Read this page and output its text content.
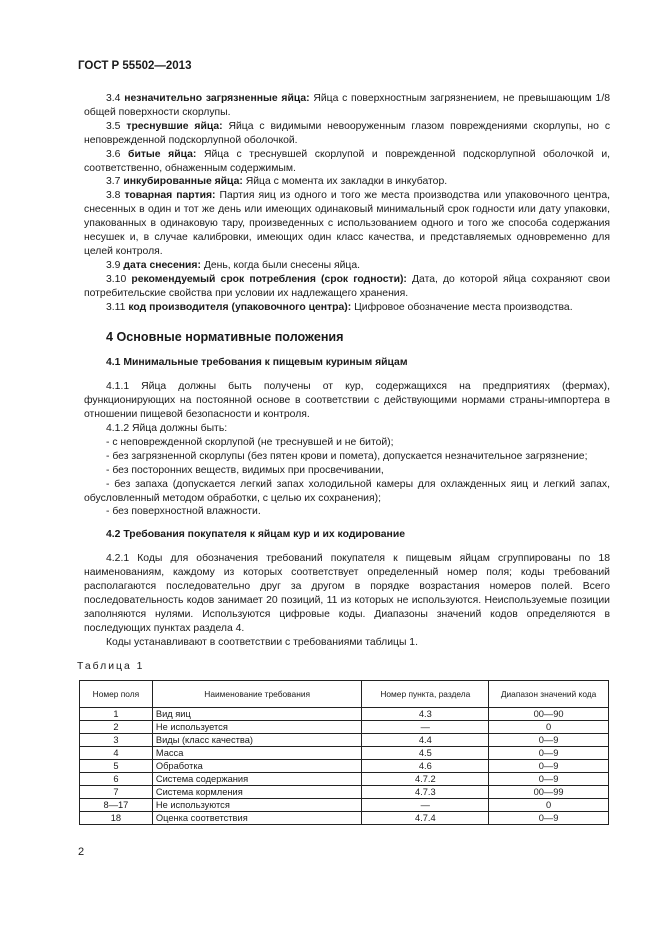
ГОСТ Р 55502—2013

3.4 незначительно загрязненные яйца: Яйца с поверхностным загрязнением, не превышающим 1/8 общей поверхности скорлупы.

3.5 треснувшие яйца: Яйца с видимыми невооруженным глазом повреждениями скорлупы, но с неповрежденной подскорлупной оболочкой.

3.6 битые яйца: Яйца с треснувшей скорлупой и поврежденной подскорлупной оболочкой и, соответственно, обнаженным содержимым.

3.7 инкубированные яйца: Яйца с момента их закладки в инкубатор.

3.8 товарная партия: Партия яиц из одного и того же места производства или упаковочного центра, снесенных в один и тот же день или имеющих одинаковый минимальный срок годности или дату упаковки, упакованных в одинаковую тару, произведенных с использованием одного и того же способа содержания несушек и, в случае калибровки, имеющих один класс качества, и представляемых одновременно для целей контроля.

3.9 дата снесения: День, когда были снесены яйца.

3.10 рекомендуемый срок потребления (срок годности): Дата, до которой яйца сохраняют свои потребительские свойства при условии их надлежащего хранения.

3.11 код производителя (упаковочного центра): Цифровое обозначение места производства.

4 Основные нормативные положения
4.1 Минимальные требования к пищевым куриным яйцам

4.1.1 Яйца должны быть получены от кур, содержащихся на предприятиях (фермах), функционирующих на постоянной основе в соответствии с действующими нормами страны-импортера в отношении пищевой безопасности и контроля.

4.1.2 Яйца должны быть:

- с неповрежденной скорлупой (не треснувшей и не битой);

- без загрязненной скорлупы (без пятен крови и помета), допускается незначительное загрязнение;

- без посторонних веществ, видимых при просвечивании,

- без запаха (допускается легкий запах холодильной камеры для охлажденных яиц и легкий запах, обусловленный методом обработки, с целью их сохранения);

- без поверхностной влажности.

4.2 Требования покупателя к яйцам кур и их кодирование

4.2.1 Коды для обозначения требований покупателя к пищевым яйцам сгруппированы по 18 наименованиям, каждому из которых соответствует определенный номер поля; коды требований располагаются последовательно друг за другом в порядке возрастания номеров полей. Всего последовательность кодов занимает 20 позиций, 11 из которых не используются. Неиспользуемые позиции заполняются нулями. Используются цифровые коды. Диапазоны значений кодов определяются в последующих пунктах раздела 4.

Коды устанавливают в соответствии с требованиями таблицы 1.

Таблица 1
Номер поля	Наименование требования	Номер пункта, раздела	Диапазон значений кода
1	Вид яиц	4.3	00—90
2	Не используется	—	0
3	Виды (класс качества)	4.4	0—9
4	Масса	4.5	0—9
5	Обработка	4.6	0—9
6	Система содержания	4.7.2	0—9
7	Система кормления	4.7.3	00—99
8—17	Не используются	—	0
18	Оценка соответствия	4.7.4	0—9
2
